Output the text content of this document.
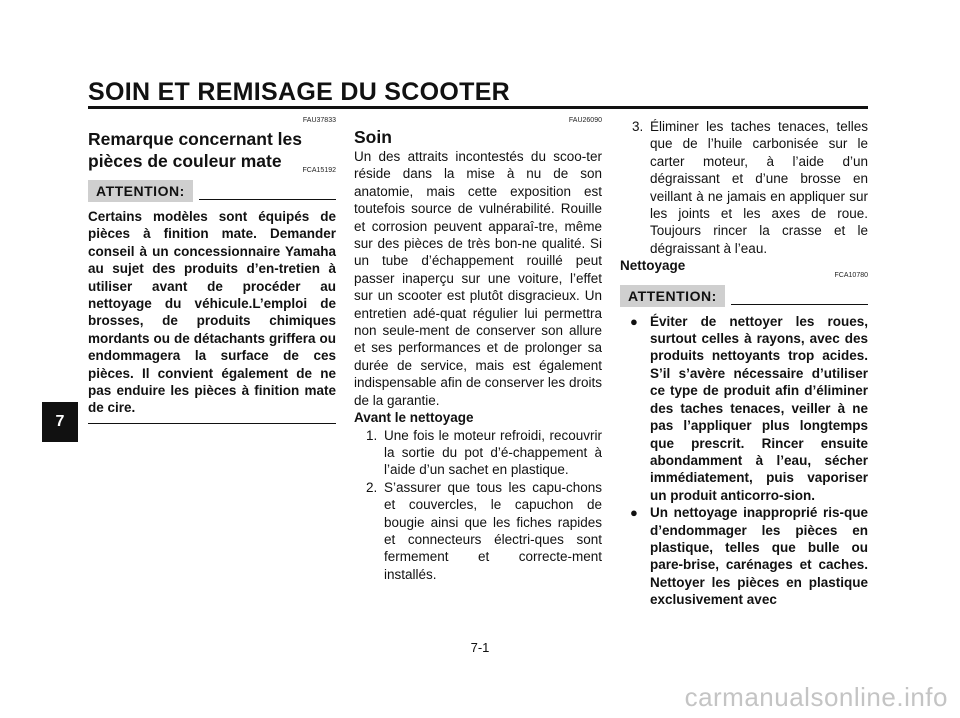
SOIN ET REMISAGE DU SCOOTER
7
FAU37833
Remarque concernant les
pièces de couleur mate	FCA15192
ATTENTION:

Certains modèles sont équipés de pièces à finition mate. Demander conseil à un concessionnaire Yamaha au sujet des produits d’en-tretien à utiliser avant de procéder au nettoyage du véhicule.L’emploi de brosses, de produits chimiques mordants ou de détachants griffera ou endommagera la surface de ces pièces. Il convient également de ne pas enduire les pièces à finition mate de cire.

FAU26090
Soin

Un des attraits incontestés du scoo-ter réside dans la mise à nu de son anatomie, mais cette exposition est toutefois source de vulnérabilité. Rouille et corrosion peuvent apparaî-tre, même sur des pièces de très bon-ne qualité. Si un tube d’échappement rouillé peut passer inaperçu sur une voiture, l’effet sur un scooter est plutôt disgracieux. Un entretien adé-quat régulier lui permettra non seule-ment de conserver son allure et ses performances et de prolonger sa durée de service, mais est également indispensable afin de conserver les droits de la garantie.

Avant le nettoyage
1. Une fois le moteur refroidi, recouvrir la sortie du pot d’é-chappement à l’aide d’un sachet en plastique.
2. S’assurer que tous les capu-chons et couvercles, le capuchon de bougie ainsi que les fiches rapides et connecteurs électri-ques sont fermement et correcte-ment installés.
3. Éliminer les taches tenaces, telles que de l’huile carbonisée sur le carter moteur, à l’aide d’un dégraissant et d’une brosse en veillant à ne jamais en appliquer sur les joints et les axes de roue. Toujours rincer la crasse et le dégraissant à l’eau.
Nettoyage
FCA10780
ATTENTION:
● Éviter de nettoyer les roues, surtout celles à rayons, avec des produits nettoyants trop acides. S’il s’avère nécessaire d’utiliser ce type de produit afin d’éliminer des taches tenaces, veiller à ne pas l’appliquer plus longtemps que prescrit. Rincer ensuite abondamment à l’eau, sécher immédiatement, puis vaporiser un produit anticorro-sion.
● Un nettoyage inapproprié ris-que d’endommager les pièces en plastique, telles que bulle ou pare-brise, carénages et caches. Nettoyer les pièces en plastique exclusivement avec
7-1
carmanualsonline.info
